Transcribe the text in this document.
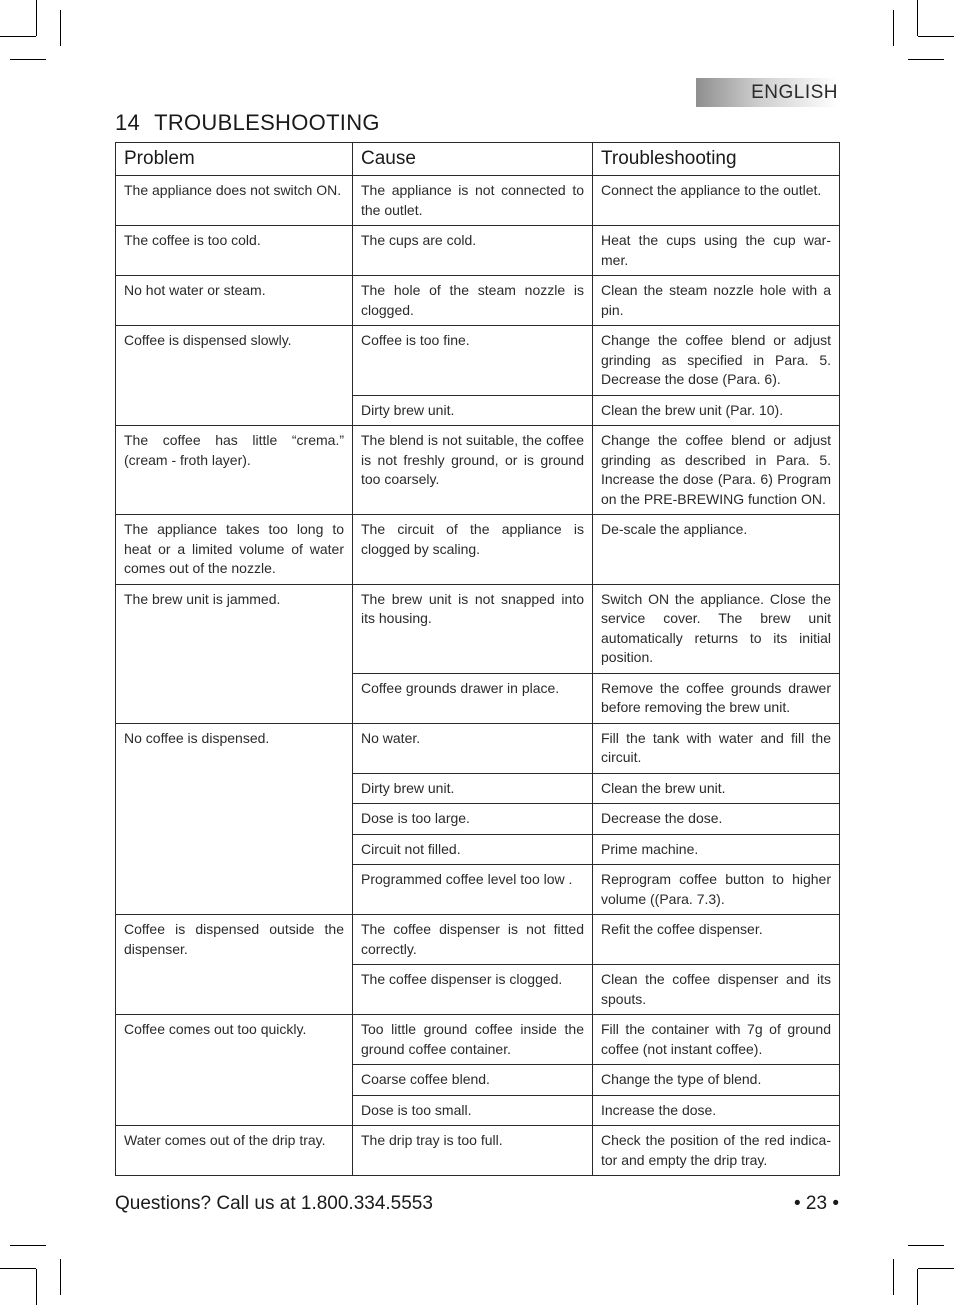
ENGLISH
14 TROUBLESHOOTING
Problem	Cause	Troubleshooting
The appliance does not switch ON.	The appliance is not connected to the outlet.	Connect the appliance to the outlet.
The coffee is too cold.	The cups are cold.	Heat the cups using the cup war-mer.
No hot water or steam.	The hole of the steam nozzle is clogged.	Clean the steam nozzle hole with a pin.
Coffee is dispensed slowly.	Coffee is too fine.	Change the coffee blend or adjust grinding as specified in Para. 5. Decrease the dose (Para. 6).
	Dirty brew unit.	Clean the brew unit (Par. 10).
The coffee has little “crema.” (cream - froth layer).	The blend is not suitable, the coffee is not freshly ground, or is ground too coarsely.	Change the coffee blend or adjust grinding as described in Para. 5. Increase the dose (Para. 6) Program on the PRE-BREWING function ON.
The appliance takes too long to heat or a limited volume of water comes out of the nozzle.	The circuit of the appliance is clogged by scaling.	De-scale the appliance.
The brew unit is jammed.	The brew unit is not snapped into its housing.	Switch ON the appliance. Close the service cover. The brew unit automatically returns to its initial position.
	Coffee grounds drawer in place.	Remove the coffee grounds drawer before removing the brew unit.
No coffee is dispensed.	No water.	Fill the tank with water and fill the circuit.
	Dirty brew unit.	Clean the brew unit.
	Dose is too large.	Decrease the dose.
	Circuit not filled.	Prime machine.
	Programmed coffee level too low .	Reprogram coffee button to higher volume ((Para. 7.3).
Coffee is dispensed outside the dispenser.	The coffee dispenser is not fitted correctly.	Refit the coffee dispenser.
	The coffee dispenser is clogged.	Clean the coffee dispenser and its spouts.
Coffee comes out too quickly.	Too little ground coffee inside the ground coffee container.	Fill the container with 7g of ground coffee (not instant coffee).
	Coarse coffee blend.	Change the type of blend.
	Dose is too small.	Increase the dose.
Water comes out of the drip tray.	The drip tray is too full.	Check the position of the red indica-tor and empty the drip tray.
Questions? Call us at 1.800.334.5553	• 23 •
